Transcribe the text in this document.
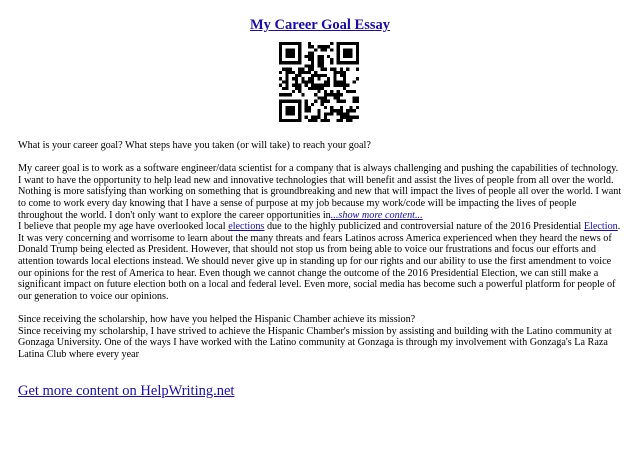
My Career Goal Essay

What is your career goal? What steps have you taken (or will take) to reach your goal?

My career goal is to work as a software engineer/data scientist for a company that is always challenging and pushing the capabilities of technology. I want to have the opportunity to help lead new and innovative technologies that will benefit and assist the lives of people from all over the world. Nothing is more satisfying than working on something that is groundbreaking and new that will impact the lives of people all over the world. I want to come to work every day knowing that I have a sense of purpose at my job because my work/code will be impacting the lives of people throughout the world. I don't only want to explore the career opportunities in...show more content...

I believe that people my age have overlooked local elections due to the highly publicized and controversial nature of the 2016 Presidential Election. It was very concerning and worrisome to learn about the many threats and fears Latinos across America experienced when they heard the news of Donald Trump being elected as President. However, that should not stop us from being able to voice our frustrations and focus our efforts and attention towards local elections instead. We should never give up in standing up for our rights and our ability to use the first amendment to voice our opinions for the rest of America to hear. Even though we cannot change the outcome of the 2016 Presidential Election, we can still make a significant impact on future election both on a local and federal level. Even more, social media has become such a powerful platform for people of our generation to voice our opinions.

Since receiving the scholarship, how have you helped the Hispanic Chamber achieve its mission?

Since receiving my scholarship, I have strived to achieve the Hispanic Chamber's mission by assisting and building with the Latino community at Gonzaga University. One of the ways I have worked with the Latino community at Gonzaga is through my involvement with Gonzaga's La Raza Latina Club where every year

Get more content on HelpWriting.net
